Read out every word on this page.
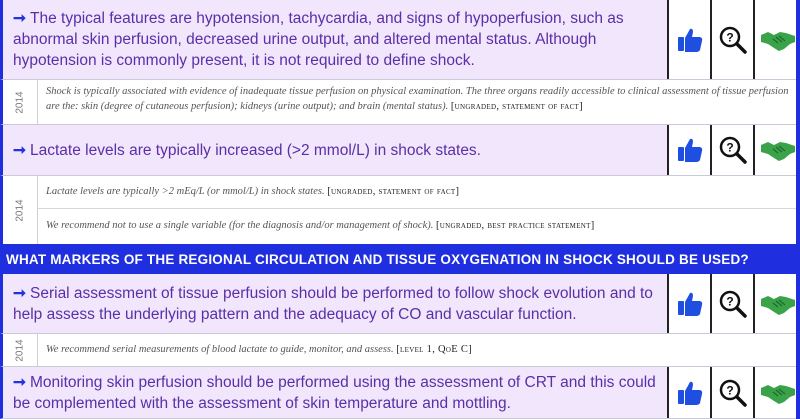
➞ The typical features are hypotension, tachycardia, and signs of hypoperfusion, such as abnormal skin perfusion, decreased urine output, and altered mental status. Although hypotension is commonly present, it is not required to define shock.
?
2014	Shock is typically associated with evidence of inadequate tissue perfusion on physical examination. The three organs readily accessible to clinical assessment of tissue perfusion are the: skin (degree of cutaneous perfusion); kidneys (urine output); and brain (mental status). [ungraded, statement of fact]
➞ Lactate levels are typically increased (>2 mmol/L) in shock states.	?
2014
Lactate levels are typically >2 mEq/L (or mmol/L) in shock states. [ungraded, statement of fact]
We recommend not to use a single variable (for the diagnosis and/or management of shock). [ungraded, best practice statement]
WHAT MARKERS OF THE REGIONAL CIRCULATION AND TISSUE OXYGENATION IN SHOCK SHOULD BE USED?
➞ Serial assessment of tissue perfusion should be performed to follow shock evolution and to help assess the underlying pattern and the adequacy of CO and vascular function.
?
2014	We recommend serial measurements of blood lactate to guide, monitor, and assess. [level 1, QoE C]
➞ Monitoring skin perfusion should be performed using the assessment of CRT and this could be complemented with the assessment of skin temperature and mottling.
?
